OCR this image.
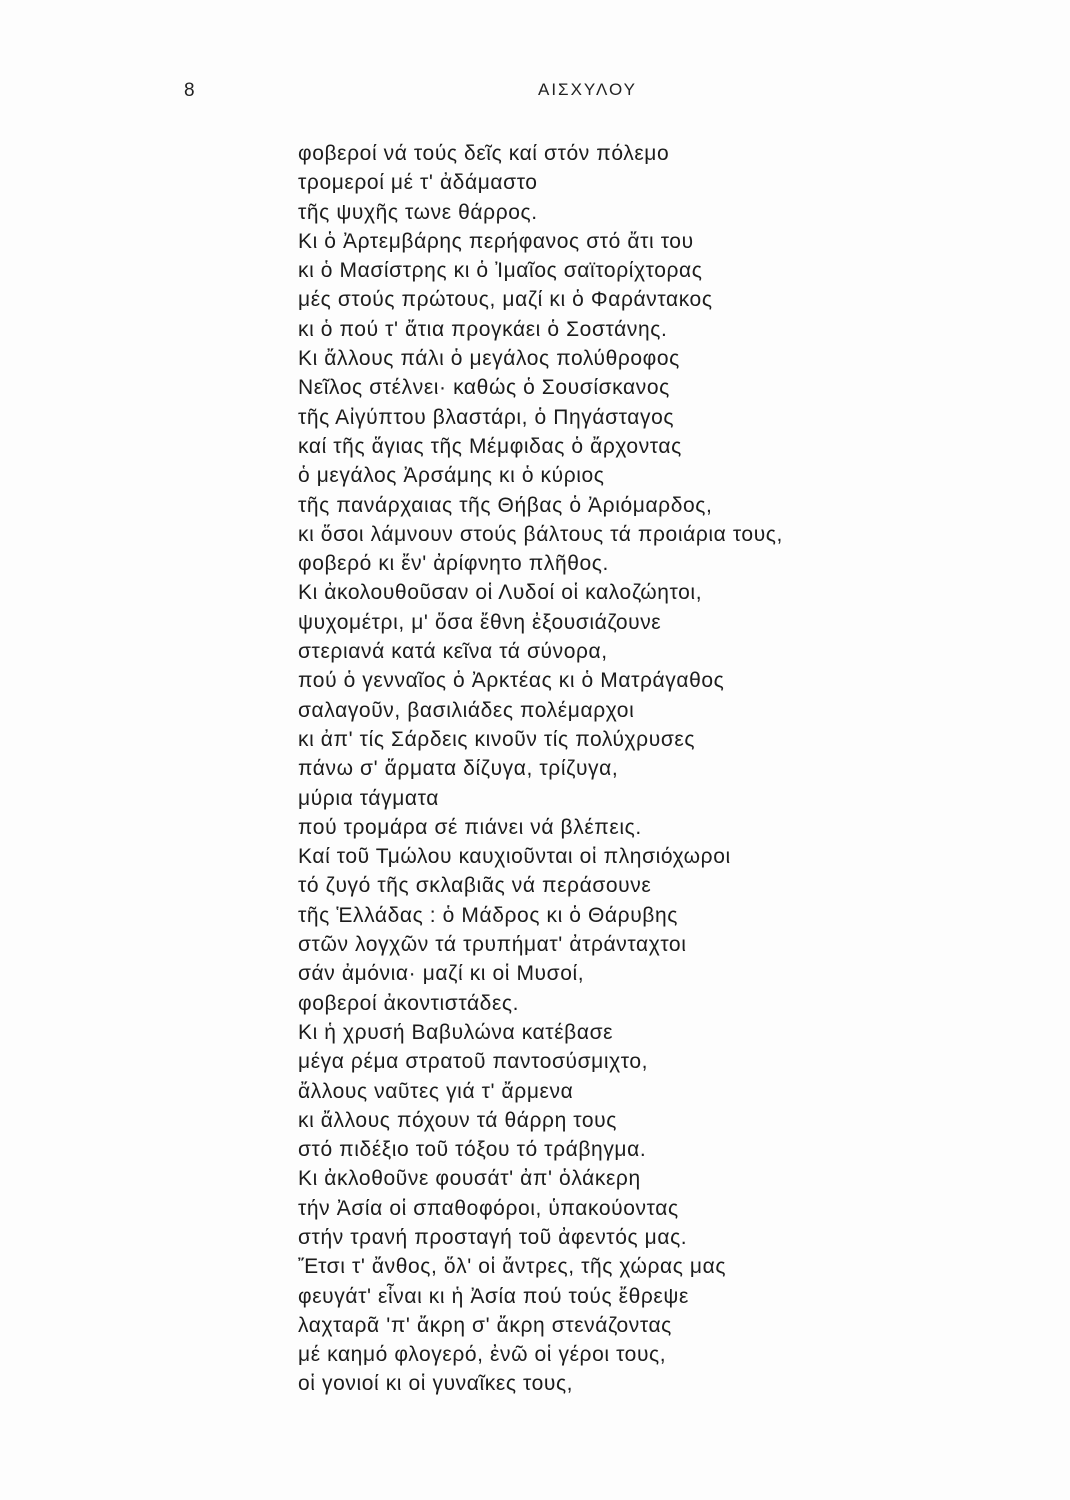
8	ΑΙΣΧΥΛΟΥ
φοβεροί νά τούς δεῖς καί στόν πόλεμο
τρομεροί μέ τ' ἀδάμαστο
τῆς ψυχῆς τωνε θάρρος.
Κι ὁ Ἀρτεμβάρης περήφανος στό ἄτι του
κι ὁ Μασίστρης κι ὁ Ἰμαῖος σαϊτορίχτορας
μές στούς πρώτους, μαζί κι ὁ Φαράντακος
κι ὁ πού τ' ἄτια προγκάει ὁ Σοστάνης.
Κι ἄλλους πάλι ὁ μεγάλος πολύθροφος
Νεῖλος στέλνει· καθώς ὁ Σουσίσκανος
τῆς Αἰγύπτου βλαστάρι, ὁ Πηγάσταγος
καί τῆς ἅγιας τῆς Μέμφιδας ὁ ἄρχοντας
ὁ μεγάλος Ἀρσάμης κι ὁ κύριος
τῆς πανάρχαιας τῆς Θήβας ὁ Ἀριόμαρδος,
κι ὅσοι λάμνουν στούς βάλτους τά προιάρια τους,
φοβερό κι ἔν' ἀρίφνητο πλῆθος.
Κι ἀκολουθοῦσαν οἱ Λυδοί οἱ καλοζώητοι,
ψυχομέτρι, μ' ὅσα ἔθνη ἐξουσιάζουνε
στεριανά κατά κεῖνα τά σύνορα,
πού ὁ γενναῖος ὁ Ἀρκτέας κι ὁ Ματράγαθος
σαλαγοῦν, βασιλιάδες πολέμαρχοι
κι ἀπ' τίς Σάρδεις κινοῦν τίς πολύχρυσες
πάνω σ' ἅρματα δίζυγα, τρίζυγα,
μύρια τάγματα
πού τρομάρα σέ πιάνει νά βλέπεις.
Καί τοῦ Τμώλου καυχιοῦνται οἱ πλησιόχωροι
τό ζυγό τῆς σκλαβιᾶς νά περάσουνε
τῆς Ἑλλάδας : ὁ Μάδρος κι ὁ Θάρυβης
στῶν λογχῶν τά τρυπήματ' ἀτράνταχτοι
σάν ἀμόνια· μαζί κι οἱ Μυσοί,
φοβεροί ἀκοντιστάδες.
Κι ἡ χρυσή Βαβυλώνα κατέβασε
μέγα ρέμα στρατοῦ παντοσύσμιχτο,
ἄλλους ναῦτες γιά τ' ἄρμενα
κι ἄλλους πόχουν τά θάρρη τους
στό πιδέξιο τοῦ τόξου τό τράβηγμα.
Κι ἀκλοθοῦνε φουσάτ' ἀπ' ὁλάκερη
τήν Ἀσία οἱ σπαθοφόροι, ὑπακούοντας
στήν τρανή προσταγή τοῦ ἀφεντός μας.
Ἔτσι τ' ἄνθος, ὅλ' οἱ ἄντρες, τῆς χώρας μας
φευγάτ' εἶναι κι ἡ Ἀσία πού τούς ἔθρεψε
λαχταρᾶ 'π' ἄκρη σ' ἄκρη στενάζοντας
μέ καημό φλογερό, ἐνῶ οἱ γέροι τους,
οἱ γονιοί κι οἱ γυναῖκες τους,
